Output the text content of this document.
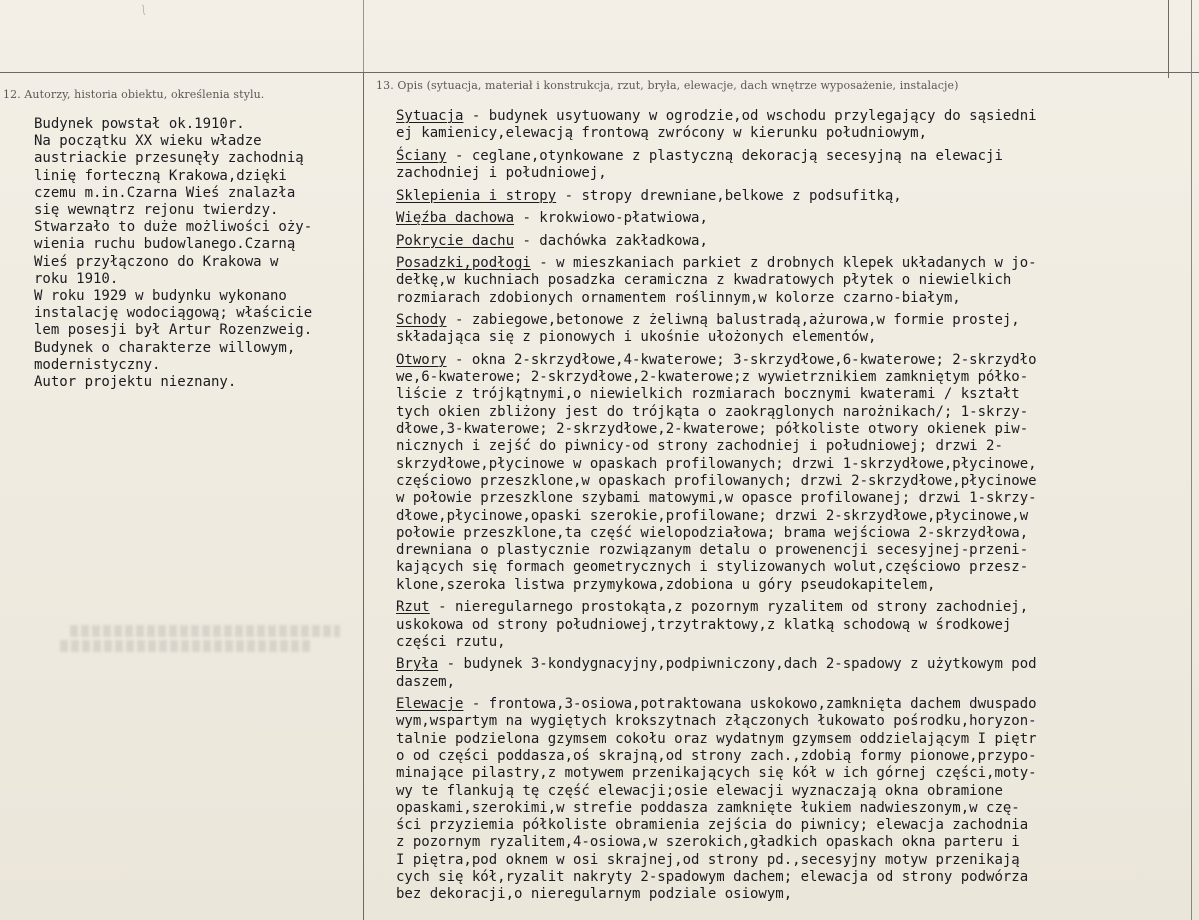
12. Autorzy, historia obiektu, określenia stylu.
13. Opis (sytuacja, materiał i konstrukcja, rzut, bryła, elewacje, dach wnętrze wyposażenie, instalacje)
Budynek powstał ok.1910r.
Na początku XX wieku władze
austriackie przesunęły zachodnią
linię forteczną Krakowa,dzięki
czemu m.in.Czarna Wieś znalazła
się wewnątrz rejonu twierdzy.
Stwarzało to duże możliwości oży-
wienia ruchu budowlanego.Czarną
Wieś przyłączono do Krakowa w
roku 1910.
W roku 1929 w budynku wykonano
instalację wodociągową; właścicie
lem posesji był Artur Rozenzweig.
Budynek o charakterze willowym,
modernistyczny.
Autor projektu nieznany.
Sytuacja - budynek usytuowany w ogrodzie,od wschodu przylegający do sąsiedni
ej kamienicy,elewacją frontową zwrócony w kierunku południowym,
Ściany - ceglane,otynkowane z plastyczną dekoracją secesyjną na elewacji
zachodniej i południowej,
Sklepienia i stropy - stropy drewniane,belkowe z podsufitką,
Więźba dachowa - krokwiowo-płatwiowa,
Pokrycie dachu - dachówka zakładkowa,
Posadzki,podłogi - w mieszkaniach parkiet z drobnych klepek układanych w jo-
dełkę,w kuchniach posadzka ceramiczna z kwadratowych płytek o niewielkich
rozmiarach zdobionych ornamentem roślinnym,w kolorze czarno-białym,
Schody - zabiegowe,betonowe z żeliwną balustradą,ażurowa,w formie prostej,
składająca się z pionowych i ukośnie ułożonych elementów,
Otwory - okna 2-skrzydłowe,4-kwaterowe; 3-skrzydłowe,6-kwaterowe; 2-skrzydło
we,6-kwaterowe; 2-skrzydłowe,2-kwaterowe;z wywietrznikiem zamkniętym półko-
liście z trójkątnymi,o niewielkich rozmiarach bocznymi kwaterami / kształt
tych okien zbliżony jest do trójkąta o zaokrąglonych narożnikach/; 1-skrzy-
dłowe,3-kwaterowe; 2-skrzydłowe,2-kwaterowe; półkoliste otwory okienek piw-
nicznych i zejść do piwnicy-od strony zachodniej i południowej; drzwi 2-
skrzydłowe,płycinowe w opaskach profilowanych; drzwi 1-skrzydłowe,płycinowe,
częściowo przeszklone,w opaskach profilowanych; drzwi 2-skrzydłowe,płycinowe
w połowie przeszklone szybami matowymi,w opasce profilowanej; drzwi 1-skrzy-
dłowe,płycinowe,opaski szerokie,profilowane; drzwi 2-skrzydłowe,płycinowe,w
połowie przeszklone,ta część wielopodziałowa; brama wejściowa 2-skrzydłowa,
drewniana o plastycznie rozwiązanym detalu o prowenencji secesyjnej-przeni-
kających się formach geometrycznych i stylizowanych wolut,częściowo przesz-
klone,szeroka listwa przymykowa,zdobiona u góry pseudokapitelem,
Rzut - nieregularnego prostokąta,z pozornym ryzalitem od strony zachodniej,
uskokowa od strony południowej,trzytraktowy,z klatką schodową w środkowej
części rzutu,
Bryła - budynek 3-kondygnacyjny,podpiwniczony,dach 2-spadowy z użytkowym pod
daszem,
Elewacje - frontowa,3-osiowa,potraktowana uskokowo,zamknięta dachem dwuspado
wym,wspartym na wygiętych krokszytnach złączonych łukowato pośrodku,horyzon-
talnie podzielona gzymsem cokołu oraz wydatnym gzymsem oddzielającym I piętr
o od części poddasza,oś skrajną,od strony zach.,zdobią formy pionowe,przypo-
minające pilastry,z motywem przenikających się kół w ich górnej części,moty-
wy te flankują tę część elewacji;osie elewacji wyznaczają okna obramione
opaskami,szerokimi,w strefie poddasza zamknięte łukiem nadwieszonym,w czę-
ści przyziemia półkoliste obramienia zejścia do piwnicy; elewacja zachodnia
z pozornym ryzalitem,4-osiowa,w szerokich,gładkich opaskach okna parteru i
I piętra,pod oknem w osi skrajnej,od strony pd.,secesyjny motyw przenikają
cych się kół,ryzalit nakryty 2-spadowym dachem; elewacja od strony podwórza
bez dekoracji,o nieregularnym podziale osiowym,
